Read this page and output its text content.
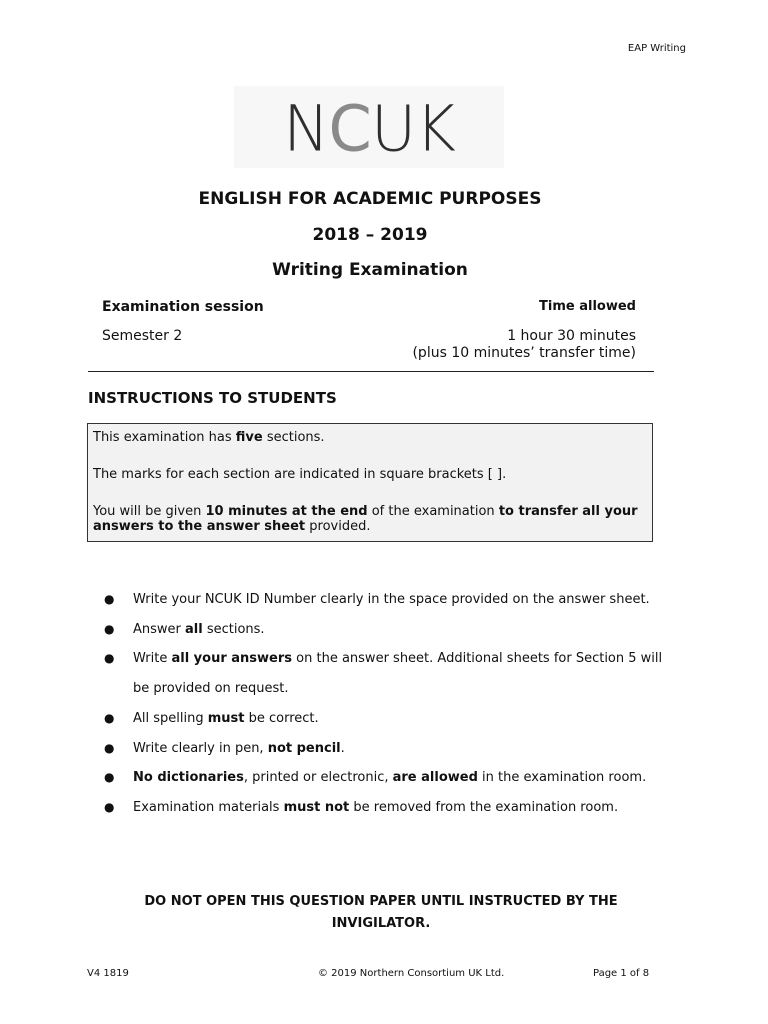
EAP Writing
NCUK
ENGLISH FOR ACADEMIC PURPOSES
2018 – 2019
Writing Examination
Examination session	Time allowed
Semester 2	1 hour 30 minutes
(plus 10 minutes’ transfer time)
INSTRUCTIONS TO STUDENTS

This examination has five sections.

The marks for each section are indicated in square brackets [ ].

You will be given 10 minutes at the end of the examination to transfer all your answers to the answer sheet provided.

● Write your NCUK ID Number clearly in the space provided on the answer sheet.
● Answer all sections.
● Write all your answers on the answer sheet. Additional sheets for Section 5 will be provided on request.
● All spelling must be correct.
● Write clearly in pen, not pencil.
● No dictionaries, printed or electronic, are allowed in the examination room.
● Examination materials must not be removed from the examination room.
DO NOT OPEN THIS QUESTION PAPER UNTIL INSTRUCTED BY THE
INVIGILATOR.
V4 1819	© 2019 Northern Consortium UK Ltd.	Page 1 of 8
